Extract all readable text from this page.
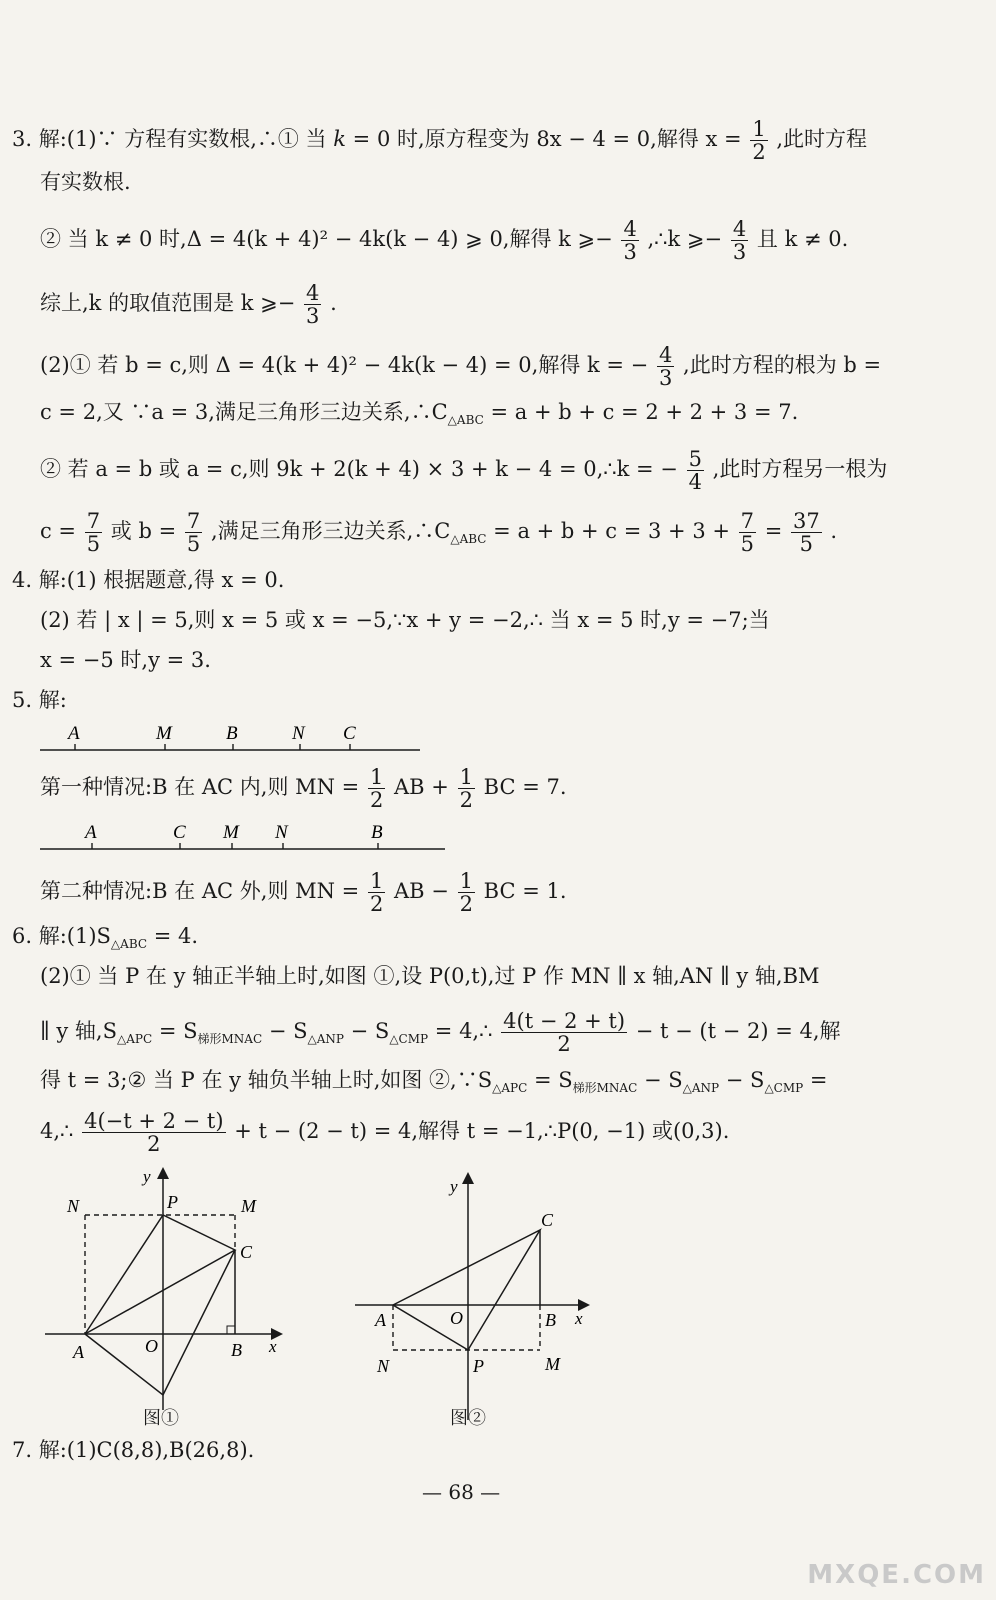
3. 解:(1)∵ 方程有实数根,∴① 当 k = 0 时,原方程变为 8x − 4 = 0,解得 $x = \frac{1}{2}$ ,此时方程
有实数根.
② 当 k ≠ 0 时,Δ = 4(k + 4)² − 4k(k − 4) ⩾ 0,解得 k ⩾− $\frac{4}{3}$ ,∴k ⩾− $\frac{4}{3}$ 且 k ≠ 0.
综上,k 的取值范围是 k ⩾− $\frac{4}{3}$ .
(2)① 若 b = c,则 Δ = 4(k + 4)² − 4k(k − 4) = 0,解得 k = − $\frac{4}{3}$ ,此时方程的根为 b =
c = 2,又 ∵a = 3,满足三角形三边关系$,\therefore C_{\triangle ABC} = a + b + c = 2 + 2 + 3 = 7$.
② 若 a = b 或 a = c,则 9k + 2(k + 4) × 3 + k − 4 = 0,∴k = − $\frac{5}{4}$ ,此时方程另一根为
$c = \frac{7}{5}$ 或 $b = \frac{7}{5}$ ,满足三角形三边关系$,\therefore C_{\triangle ABC} = a + b + c = 3 + 3 + \frac{7}{5} = \frac{37}{5}$ .
4. 解:(1) 根据题意,得 x = 0.
(2) 若 | x | = 5,则 x = 5 或 x = −5,∵x + y = −2,∴ 当 x = 5 时,y = −7;当
x = −5 时,y = 3.
5. 解:
A	M	B	N C
第一种情况:B 在 AC 内,则 MN = $\frac{1}{2}$ AB + $\frac{1}{2}$ BC = 7.
A	C M N	B
第二种情况:B 在 AC 外,则 MN = $\frac{1}{2}$ AB − $\frac{1}{2}$ BC = 1.
6. 解$:(1)S_{\triangle ABC} = 4$.
(2)① 当 P 在 y 轴正半轴上时,如图 ①,设 P(0,t),过 P 作 MN ∥ x 轴,AN ∥ y 轴,BM
∥ y 轴$,S_{\triangle APC} = S_{梯形MNAC} - S_{\triangle ANP} - S_{\triangle CMP}$ = 4,∴ $\frac{4(t - 2 + t)}{2} - t - (t - 2) = 4$,解
得 t = 3;② 当 P 在 y 轴负半轴上时,如图 $②,\because S_{\triangle APC} = S_{梯形MNAC} - S_{\triangle ANP} - S_{\triangle CMP}$ =
4,∴ $\frac{4(-t + 2 - t)}{2} + t - (2 - t) = 4$,解得 t = −1,∴P(0, −1) 或(0,3).
y
N	P	M
C
A	O	B x
图①
y
C
A	O	B x
N	P	M
图②
7. 解:(1)C(8,8),B(26,8).
— 68 —
MXQE.COM
